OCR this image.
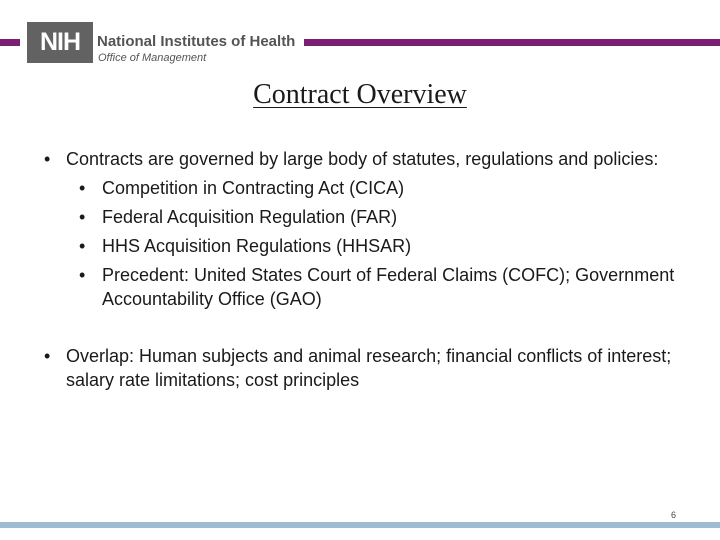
NIH	National Institutes of Health
Office of Management
Contract Overview
• Contracts are governed by large body of statutes, regulations and policies:
• Competition in Contracting Act (CICA)
• Federal Acquisition Regulation (FAR)
• HHS Acquisition Regulations (HHSAR)
• Precedent: United States Court of Federal Claims (COFC); Government Accountability Office (GAO)
• Overlap: Human subjects and animal research; financial conflicts of interest; salary rate limitations; cost principles
6
